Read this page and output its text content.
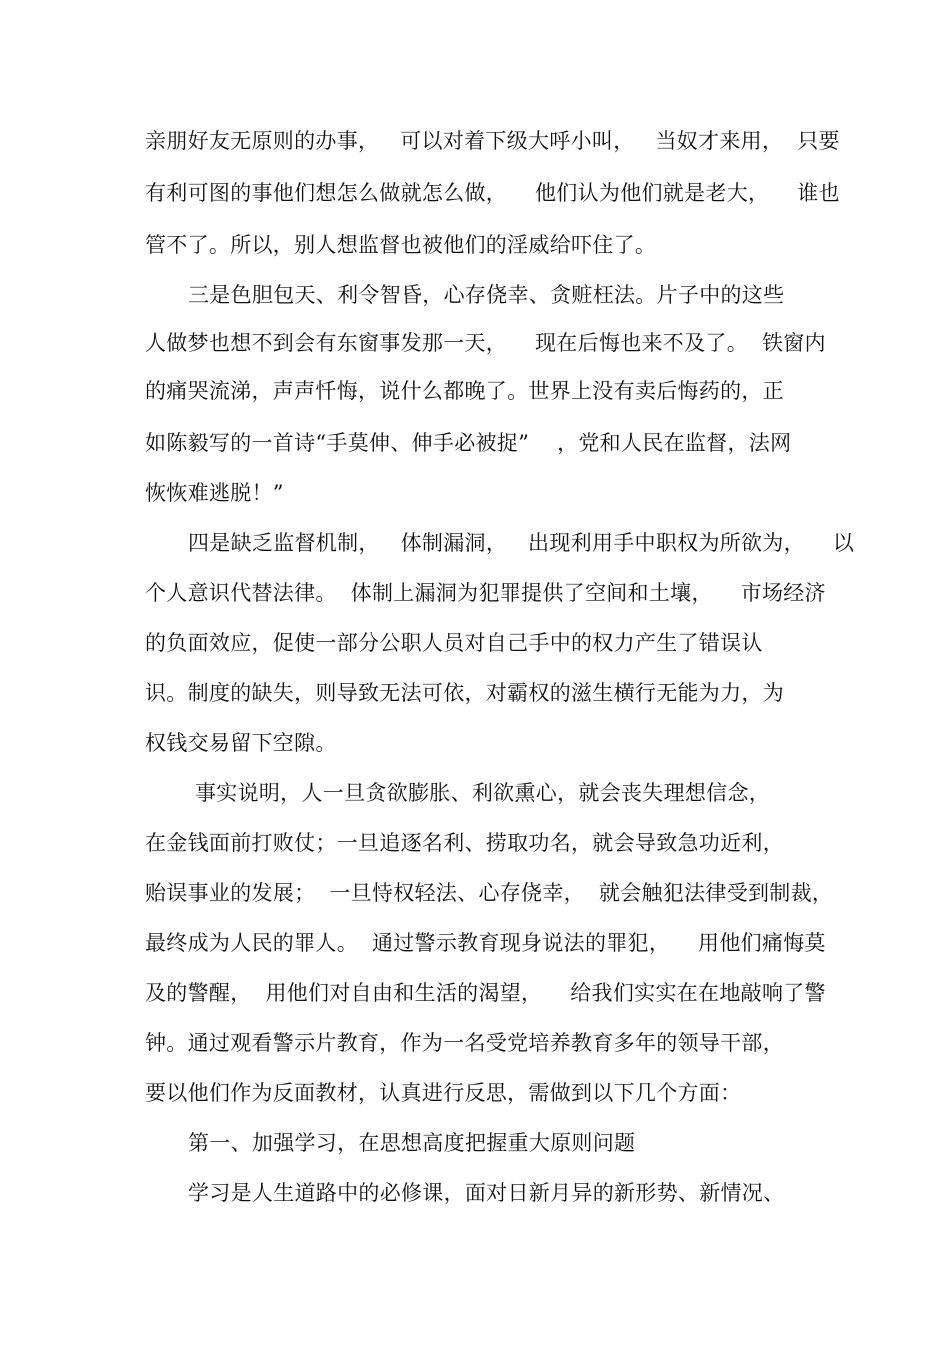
亲朋好友无原则的办事，   可以对着下级大呼小叫，   当奴才来用，  只要
有利可图的事他们想怎么做就怎么做，    他们认为他们就是老大，    谁也
管不了。所以，别人想监督也被他们的淫威给吓住了。
三是色胆包天、利令智昏，心存侥幸、贪赃枉法。片子中的这些
人做梦也想不到会有东窗事发那一天，    现在后悔也来不及了。  铁窗内
的痛哭流涕，声声忏悔，说什么都晚了。世界上没有卖后悔药的，正
如陈毅写的一首诗“手莫伸、伸手必被捉”    ，党和人民在监督，法网
恢恢难逃脱！”
四是缺乏监督机制，   体制漏洞，   出现利用手中职权为所欲为，    以
个人意识代替法律。  体制上漏洞为犯罪提供了空间和土壤，    市场经济
的负面效应，促使一部分公职人员对自己手中的权力产生了错误认
识。制度的缺失，则导致无法可依，对霸权的滋生横行无能为力，为
权钱交易留下空隙。
事实说明，人一旦贪欲膨胀、利欲熏心，就会丧失理想信念，
在金钱面前打败仗；一旦追逐名利、捞取功名，就会导致急功近利，
贻误事业的发展；  一旦恃权轻法、心存侥幸，  就会触犯法律受到制裁，
最终成为人民的罪人。  通过警示教育现身说法的罪犯，    用他们痛悔莫
及的警醒，  用他们对自由和生活的渴望，    给我们实实在在地敲响了警
钟。通过观看警示片教育，作为一名受党培养教育多年的领导干部，
要以他们作为反面教材，认真进行反思，需做到以下几个方面：
第一、加强学习，在思想高度把握重大原则问题
学习是人生道路中的必修课，面对日新月异的新形势、新情况、
